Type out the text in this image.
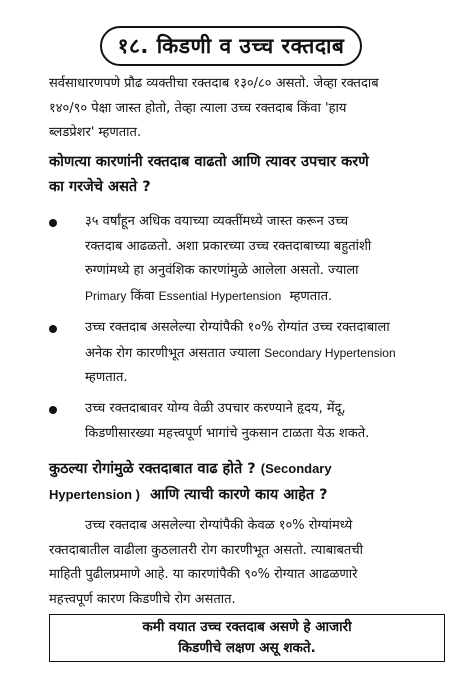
१८. किडणी व उच्च रक्तदाब
सर्वसाधारणपणे प्रौढ व्यक्तीचा रक्तदाब १३०/८० असतो. जेव्हा रक्तदाब
१४०/९० पेक्षा जास्त होतो, तेव्हा त्याला उच्च रक्तदाब किंवा 'हाय
ब्लडप्रेशर' म्हणतात.
कोणत्या कारणांनी रक्तदाब वाढतो आणि त्यावर उपचार करणे
का गरजेचे असते ?
३५ वर्षांहून अधिक वयाच्या व्यक्तींमध्ये जास्त करून उच्च
रक्तदाब आढळतो. अशा प्रकारच्या उच्च रक्तदाबाच्या बहुतांशी
रुग्णांमध्ये हा अनुवंशिक कारणांमुळे आलेला असतो. ज्याला
Primary किंवा Essential Hypertension म्हणतात.
उच्च रक्तदाब असलेल्या रोग्यांपैकी १०% रोग्यांत उच्च रक्तदाबाला
अनेक रोग कारणीभूत असतात ज्याला Secondary Hypertension
म्हणतात.
उच्च रक्तदाबावर योग्य वेळी उपचार करण्याने हृदय, मेंदू,
किडणीसारख्या महत्त्वपूर्ण भागांचे नुकसान टाळता येऊ शकते.
कुठल्या रोगांमुळे रक्तदाबात वाढ होते ? (Secondary
Hypertension ) आणि त्याची कारणे काय आहेत ?
उच्च रक्तदाब असलेल्या रोग्यांपैकी केवळ १०% रोग्यांमध्ये
रक्तदाबातील वाढीला कुठलातरी रोग कारणीभूत असतो. त्याबाबतची
माहिती पुढीलप्रमाणे आहे. या कारणांपैकी ९०% रोग्यात आढळणारे
महत्त्वपूर्ण कारण किडणीचे रोग असतात.
कमी वयात उच्च रक्तदाब असणे हे आजारी
किडणीचे लक्षण असू शकते.
